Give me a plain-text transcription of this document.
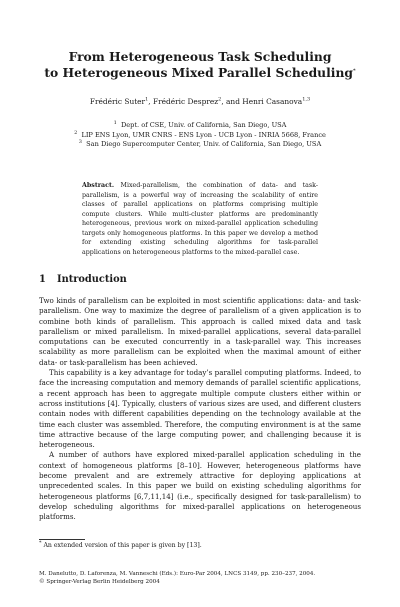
From Heterogeneous Task Scheduling
to Heterogeneous Mixed Parallel Scheduling*
Frédéric Suter$^1$, Frédéric Desprez$^2$, and Henri Casanova$^{1,3}$
$^1$ Dept. of CSE, Univ. of California, San Diego, USA
$^2$ LIP ENS Lyon, UMR CNRS - ENS Lyon - UCB Lyon - INRIA 5668, France
$^3$ San Diego Supercomputer Center, Univ. of California, San Diego, USA
Abstract. Mixed-parallelism, the combination of data- and task-parallelism, is a powerful way of increasing the scalability of entire classes of parallel applications on platforms comprising multiple compute clusters. While multi-cluster platforms are predominantly heterogeneous, previous work on mixed-parallel application scheduling targets only homogeneous platforms. In this paper we develop a method for extending existing scheduling algorithms for task-parallel applications on heterogeneous platforms to the mixed-parallel case.
1 Introduction

Two kinds of parallelism can be exploited in most scientific applications: data- and task-parallelism. One way to maximize the degree of parallelism of a given application is to combine both kinds of parallelism. This approach is called mixed data and task parallelism or mixed parallelism. In mixed-parallel applications, several data-parallel computations can be executed concurrently in a task-parallel way. This increases scalability as more parallelism can be exploited when the maximal amount of either data- or task-parallelism has been achieved.

This capability is a key advantage for today’s parallel computing platforms. Indeed, to face the increasing computation and memory demands of parallel scientific applications, a recent approach has been to aggregate multiple compute clusters either within or across institutions [4]. Typically, clusters of various sizes are used, and different clusters contain nodes with different capabilities depending on the technology available at the time each cluster was assembled. Therefore, the computing environment is at the same time attractive because of the large computing power, and challenging because it is heterogeneous.

A number of authors have explored mixed-parallel application scheduling in the context of homogeneous platforms [8–10]. However, heterogeneous platforms have become prevalent and are extremely attractive for deploying applications at unprecedented scales. In this paper we build on existing scheduling algorithms for heterogeneous platforms [6,7,11,14] (i.e., specifically designed for task-parallelism) to develop scheduling algorithms for mixed-parallel applications on heterogeneous platforms.

* An extended version of this paper is given by [13].
M. Danelutto, D. Laforenza, M. Vanneschi (Eds.): Euro-Par 2004, LNCS 3149, pp. 230–237, 2004.
© Springer-Verlag Berlin Heidelberg 2004
